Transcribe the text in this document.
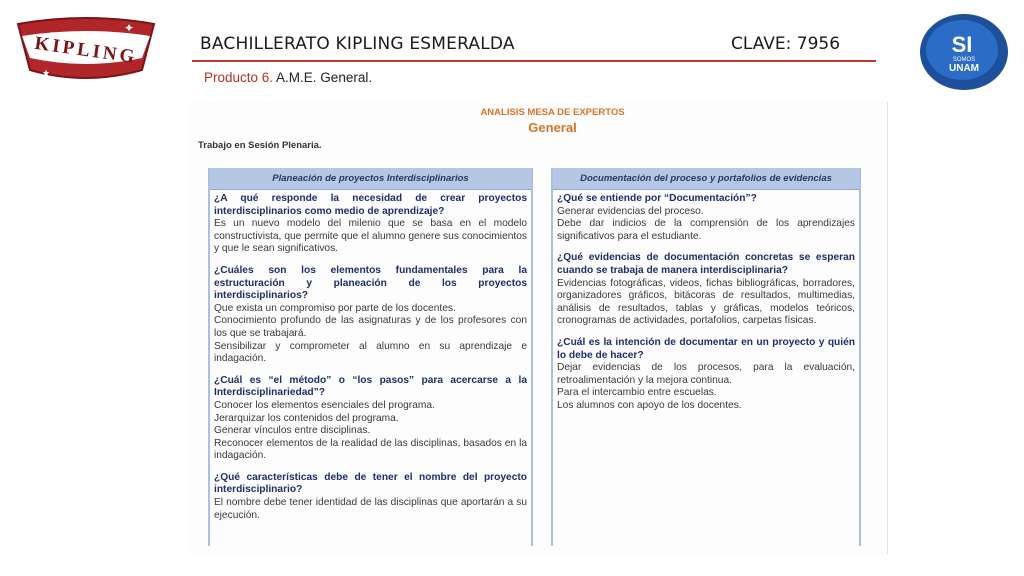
KIPLING
✦
★
SI
SOMOS
UNAM
BACHILLERATO KIPLING ESMERALDA	CLAVE: 7956
Producto 6. A.M.E. General.
ANALISIS MESA DE EXPERTOS
General
Trabajo en Sesión Plenaria.
Planeación de proyectos Interdisciplinarios
¿A qué responde la necesidad de crear proyectos interdisciplinarios como medio de aprendizaje?
Es un nuevo modelo del milenio que se basa en el modelo constructivista, que permite que el alumno genere sus conocimientos y que le sean significativos.
¿Cuáles son los elementos fundamentales para la estructuración y planeación de los proyectos interdisciplinarios?
Que exista un compromiso por parte de los docentes.
Conocimiento profundo de las asignaturas y de los profesores con los que se trabajará.
Sensibilizar y comprometer al alumno en su aprendizaje e indagación.
¿Cuál es “el método” o “los pasos” para acercarse a la Interdisciplinariedad”?
Conocer los elementos esenciales del programa.
Jerarquizar los contenidos del programa.
Generar vínculos entre disciplinas.
Reconocer elementos de la realidad de las disciplinas, basados en la indagación.
¿Qué características debe de tener el nombre del proyecto interdisciplinario?
El nombre debe tener identidad de las disciplinas que aportarán a su ejecución.
Documentación del proceso y portafolios de evidencias
¿Qué se entiende por “Documentación”?
Generar evidencias del proceso.
Debe dar indicios de la comprensión de los aprendizajes significativos para el estudiante.
¿Qué evidencias de documentación concretas se esperan cuando se trabaja de manera interdisciplinaria?
Evidencias fotográficas, videos, fichas bibliográficas, borradores, organizadores gráficos, bitácoras de resultados, multimedias, análisis de resultados, tablas y gráficas, modelos teóricos, cronogramas de actividades, portafolios, carpetas físicas.
¿Cuál es la intención de documentar en un proyecto y quién lo debe de hacer?
Dejar evidencias de los procesos, para la evaluación, retroalimentación y la mejora continua.
Para el intercambio entre escuelas.
Los alumnos con apoyo de los docentes.
